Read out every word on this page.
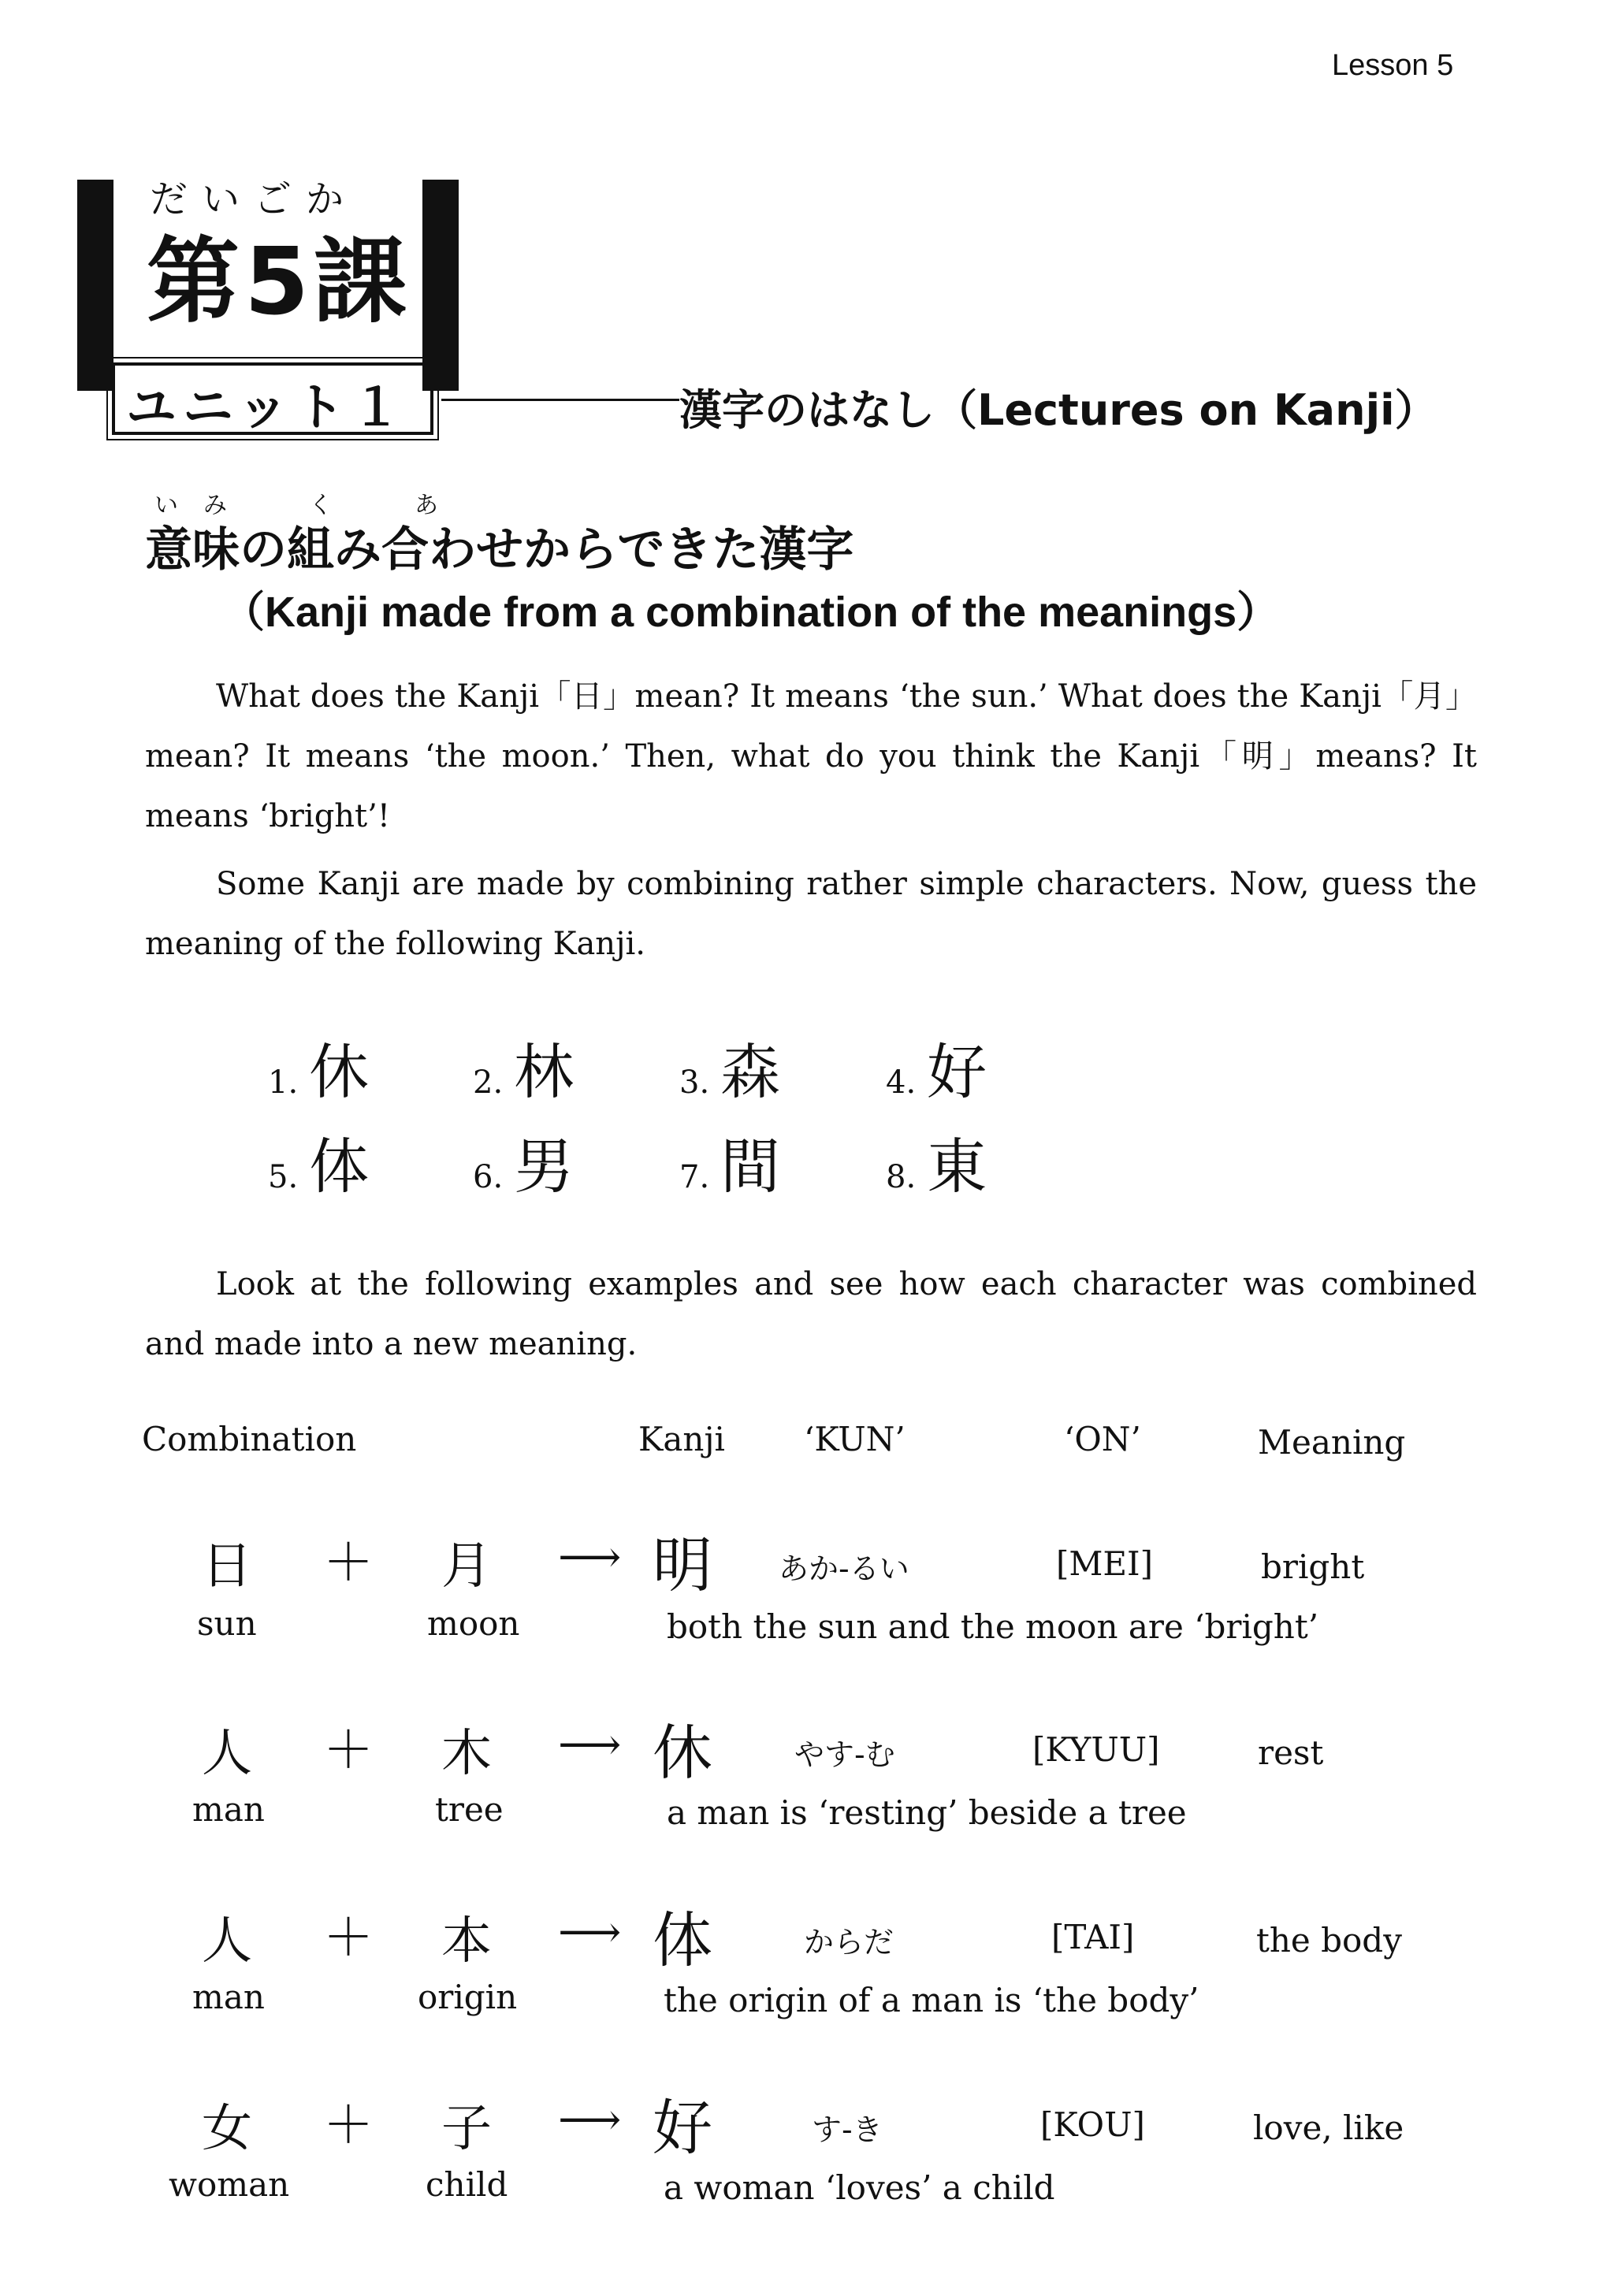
Lesson 5
だいごか
第5課
ユニット１	漢字のはなし（Lectures on Kanji）
い み	く	あ
意味の組み合わせからできた漢字
（Kanji made from a combination of the meanings）
What does the Kanji「日」mean? It means ‘the sun.’ What does the Kanji「月」mean? It means ‘the moon.’ Then, what do you think the Kanji「明」means? It means ‘bright’!
Some Kanji are made by combining rather simple characters. Now, guess the meaning of the following Kanji.
1. 休	2. 林	3. 森	4. 好
5. 体	6. 男	7. 間	8. 東
Look at the following examples and see how each character was combined and made into a new meaning.
Combination	Kanji ‘KUN’	‘ON’	Meaning
日 ＋ 月 ⟶ 明 あか-るい	[MEI]	bright
sun	moon	both the sun and the moon are ‘bright’
人 ＋ 木 ⟶ 休	やす-む	[KYUU]	rest
man	tree	a man is ‘resting’ beside a tree
人 ＋ 本 ⟶ 体	からだ	[TAI]	the body
man	origin	the origin of a man is ‘the body’
女 ＋ 子 ⟶ 好	す-き	[KOU]	love, like
woman	child	a woman ‘loves’ a child
